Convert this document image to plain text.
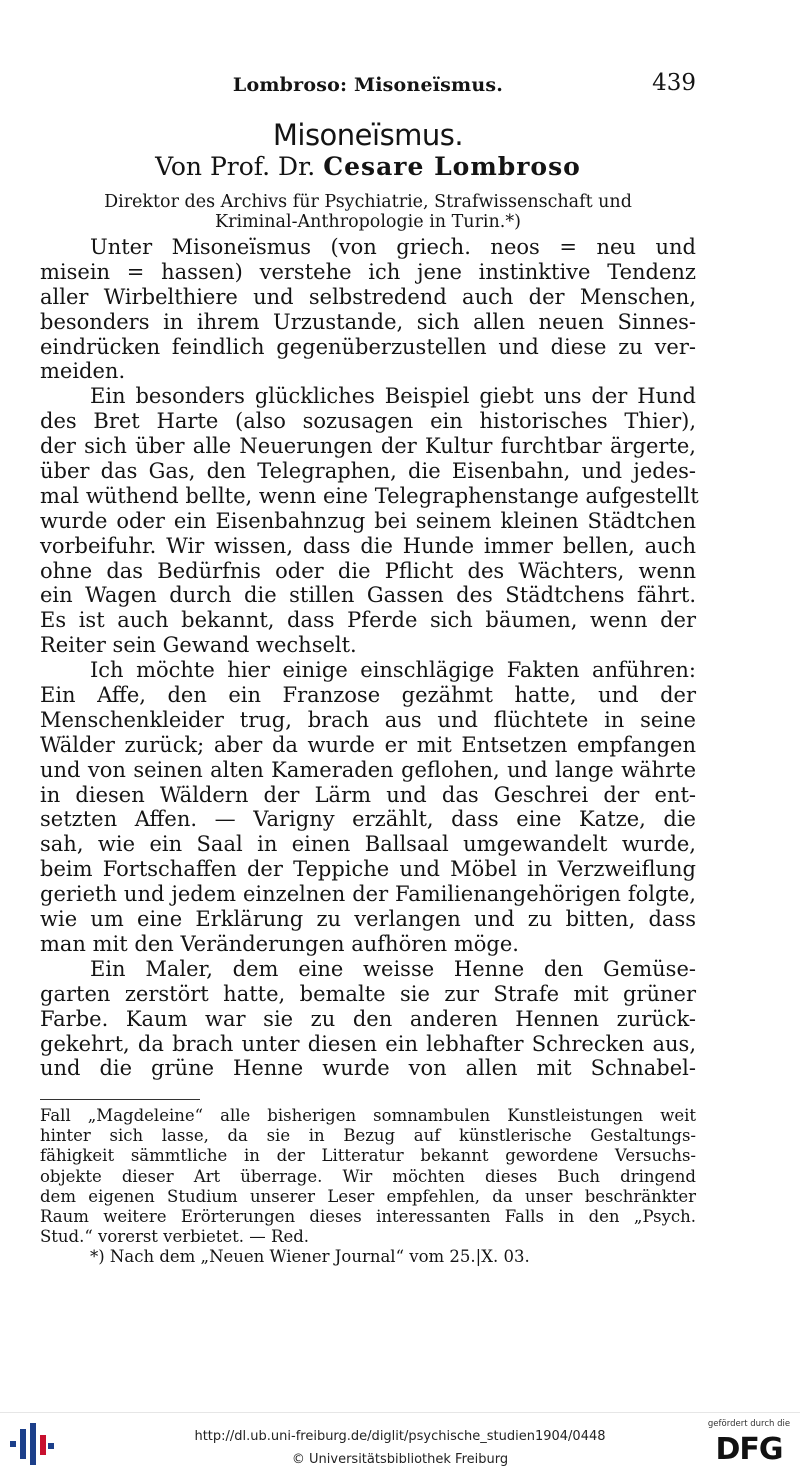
Lombroso: Misoneïsmus.	439
Misoneïsmus.
Von Prof. Dr. Cesare Lombroso
Direktor des Archivs für Psychiatrie, Strafwissenschaft und
Kriminal-Anthropologie in Turin.*)
Unter Misoneïsmus (von griech. neos = neu und
misein = hassen) verstehe ich jene instinktive Tendenz
aller Wirbelthiere und selbstredend auch der Menschen,
besonders in ihrem Urzustande, sich allen neuen Sinnes-
eindrücken feindlich gegenüberzustellen und diese zu ver-
meiden.
Ein besonders glückliches Beispiel giebt uns der Hund
des Bret Harte (also sozusagen ein historisches Thier),
der sich über alle Neuerungen der Kultur furchtbar ärgerte,
über das Gas, den Telegraphen, die Eisenbahn, und jedes-
mal wüthend bellte, wenn eine Telegraphenstange aufgestellt
wurde oder ein Eisenbahnzug bei seinem kleinen Städtchen
vorbeifuhr. Wir wissen, dass die Hunde immer bellen, auch
ohne das Bedürfnis oder die Pflicht des Wächters, wenn
ein Wagen durch die stillen Gassen des Städtchens fährt.
Es ist auch bekannt, dass Pferde sich bäumen, wenn der
Reiter sein Gewand wechselt.
Ich möchte hier einige einschlägige Fakten anführen:
Ein Affe, den ein Franzose gezähmt hatte, und der
Menschenkleider trug, brach aus und flüchtete in seine
Wälder zurück; aber da wurde er mit Entsetzen empfangen
und von seinen alten Kameraden geflohen, und lange währte
in diesen Wäldern der Lärm und das Geschrei der ent-
setzten Affen. — Varigny erzählt, dass eine Katze, die
sah, wie ein Saal in einen Ballsaal umgewandelt wurde,
beim Fortschaffen der Teppiche und Möbel in Verzweiflung
gerieth und jedem einzelnen der Familienangehörigen folgte,
wie um eine Erklärung zu verlangen und zu bitten, dass
man mit den Veränderungen aufhören möge.
Ein Maler, dem eine weisse Henne den Gemüse-
garten zerstört hatte, bemalte sie zur Strafe mit grüner
Farbe. Kaum war sie zu den anderen Hennen zurück-
gekehrt, da brach unter diesen ein lebhafter Schrecken aus,
und die grüne Henne wurde von allen mit Schnabel-
Fall „Magdeleine“ alle bisherigen somnambulen Kunstleistungen weit
hinter sich lasse, da sie in Bezug auf künstlerische Gestaltungs-
fähigkeit sämmtliche in der Litteratur bekannt gewordene Versuchs-
objekte dieser Art überrage. Wir möchten dieses Buch dringend
dem eigenen Studium unserer Leser empfehlen, da unser beschränkter
Raum weitere Erörterungen dieses interessanten Falls in den „Psych.
Stud.“ vorerst verbietet. — Red.
*) Nach dem „Neuen Wiener Journal“ vom 25.|X. 03.
http://dl.ub.uni-freiburg.de/diglit/psychische_studien1904/0448
© Universitätsbibliothek Freiburg
gefördert durch die
DFG
